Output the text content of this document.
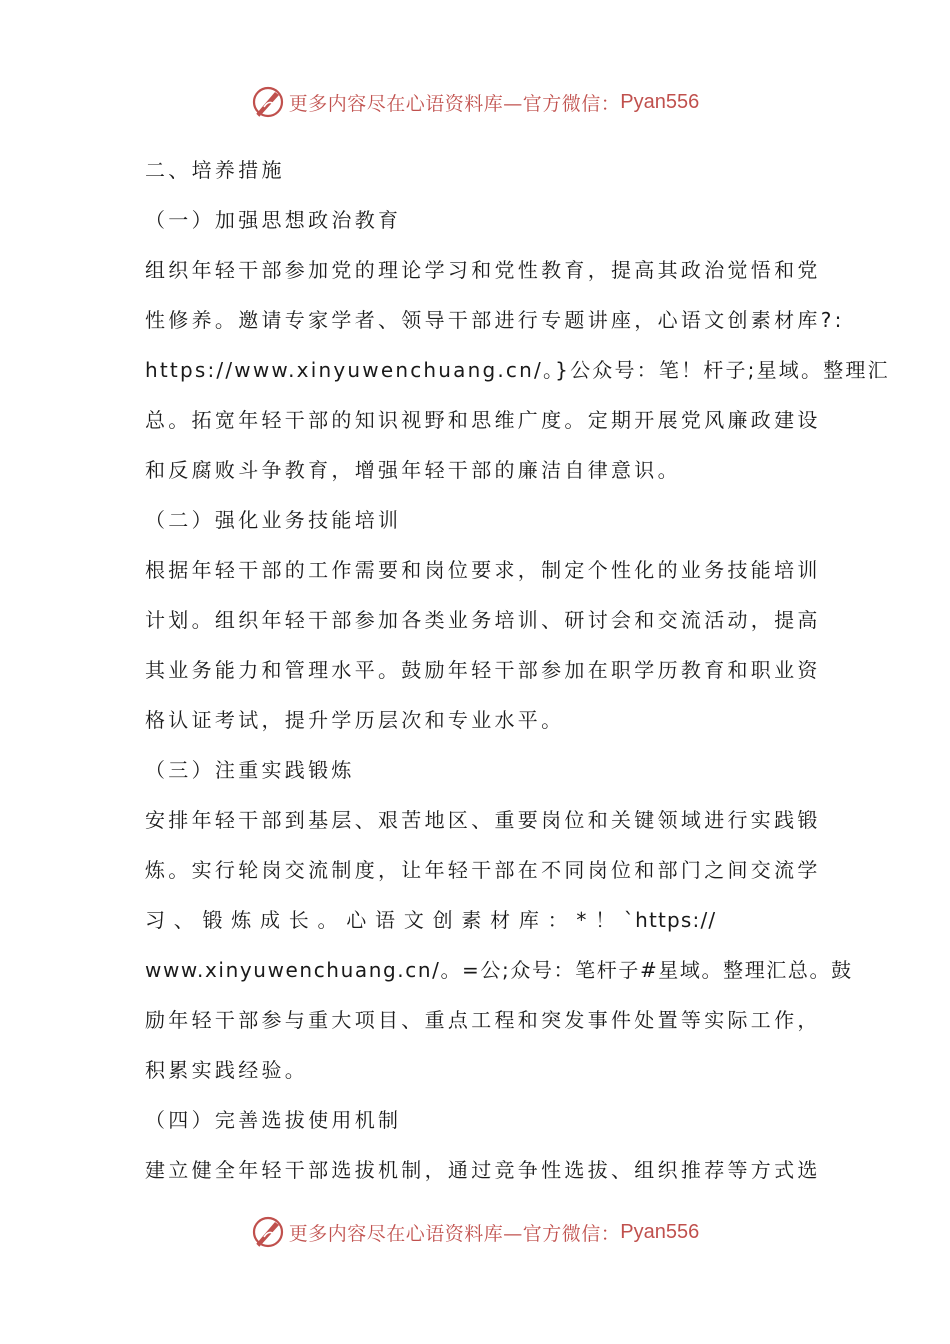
更多内容尽在心语资料库—官方微信： Pyan556
二、培养措施
（一）加强思想政治教育
组织年轻干部参加党的理论学习和党性教育，提高其政治觉悟和党
性修养。邀请专家学者、领导干部进行专题讲座，心语文创素材库?:
https://www.xinyuwenchuang.cn/。}公众号：笔！杆子;星域。整理汇
总。拓宽年轻干部的知识视野和思维广度。定期开展党风廉政建设
和反腐败斗争教育，增强年轻干部的廉洁自律意识。
（二）强化业务技能培训
根据年轻干部的工作需要和岗位要求，制定个性化的业务技能培训
计划。组织年轻干部参加各类业务培训、研讨会和交流活动，提高
其业务能力和管理水平。鼓励年轻干部参加在职学历教育和职业资
格认证考试，提升学历层次和专业水平。
（三）注重实践锻炼
安排年轻干部到基层、艰苦地区、重要岗位和关键领域进行实践锻
炼。实行轮岗交流制度，让年轻干部在不同岗位和部门之间交流学
习 、 锻 炼 成 长 。 心 语 文 创 素 材 库 ： * ！ `https://
www.xinyuwenchuang.cn/。=公;众号：笔杆子#星域。整理汇总。鼓
励年轻干部参与重大项目、重点工程和突发事件处置等实际工作，
积累实践经验。
（四）完善选拔使用机制
建立健全年轻干部选拔机制，通过竞争性选拔、组织推荐等方式选
更多内容尽在心语资料库—官方微信： Pyan556
